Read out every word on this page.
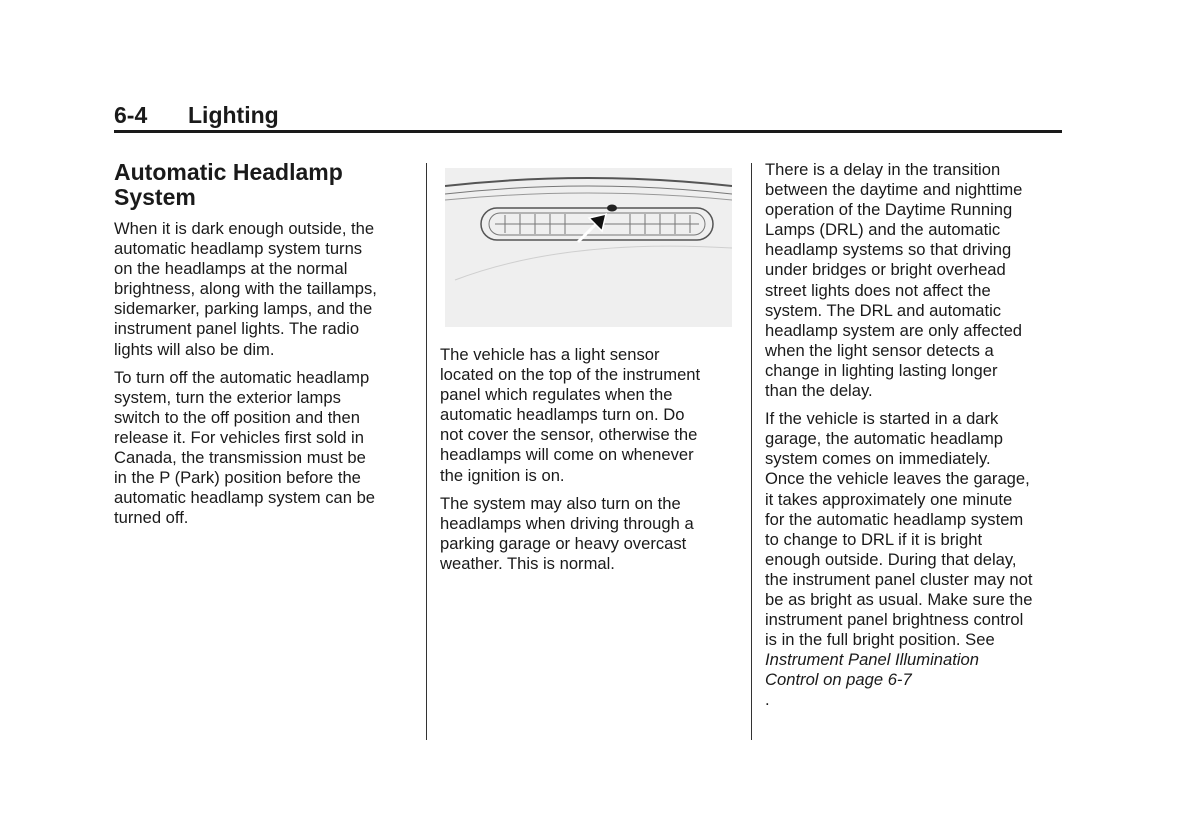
6-4 Lighting
Automatic Headlamp
System

When it is dark enough outside, the
automatic headlamp system turns
on the headlamps at the normal
brightness, along with the taillamps,
sidemarker, parking lamps, and the
instrument panel lights. The radio
lights will also be dim.

To turn off the automatic headlamp
system, turn the exterior lamps
switch to the off position and then
release it. For vehicles first sold in
Canada, the transmission must be
in the P (Park) position before the
automatic headlamp system can be
turned off.

The vehicle has a light sensor
located on the top of the instrument
panel which regulates when the
automatic headlamps turn on. Do
not cover the sensor, otherwise the
headlamps will come on whenever
the ignition is on.

The system may also turn on the
headlamps when driving through a
parking garage or heavy overcast
weather. This is normal.

There is a delay in the transition
between the daytime and nighttime
operation of the Daytime Running
Lamps (DRL) and the automatic
headlamp systems so that driving
under bridges or bright overhead
street lights does not affect the
system. The DRL and automatic
headlamp system are only affected
when the light sensor detects a
change in lighting lasting longer
than the delay.

If the vehicle is started in a dark
garage, the automatic headlamp
system comes on immediately.
Once the vehicle leaves the garage,
it takes approximately one minute
for the automatic headlamp system
to change to DRL if it is bright
enough outside. During that delay,
the instrument panel cluster may not
be as bright as usual. Make sure the
instrument panel brightness control
is in the full bright position. See
Instrument Panel Illumination
Control on page 6-7
.
